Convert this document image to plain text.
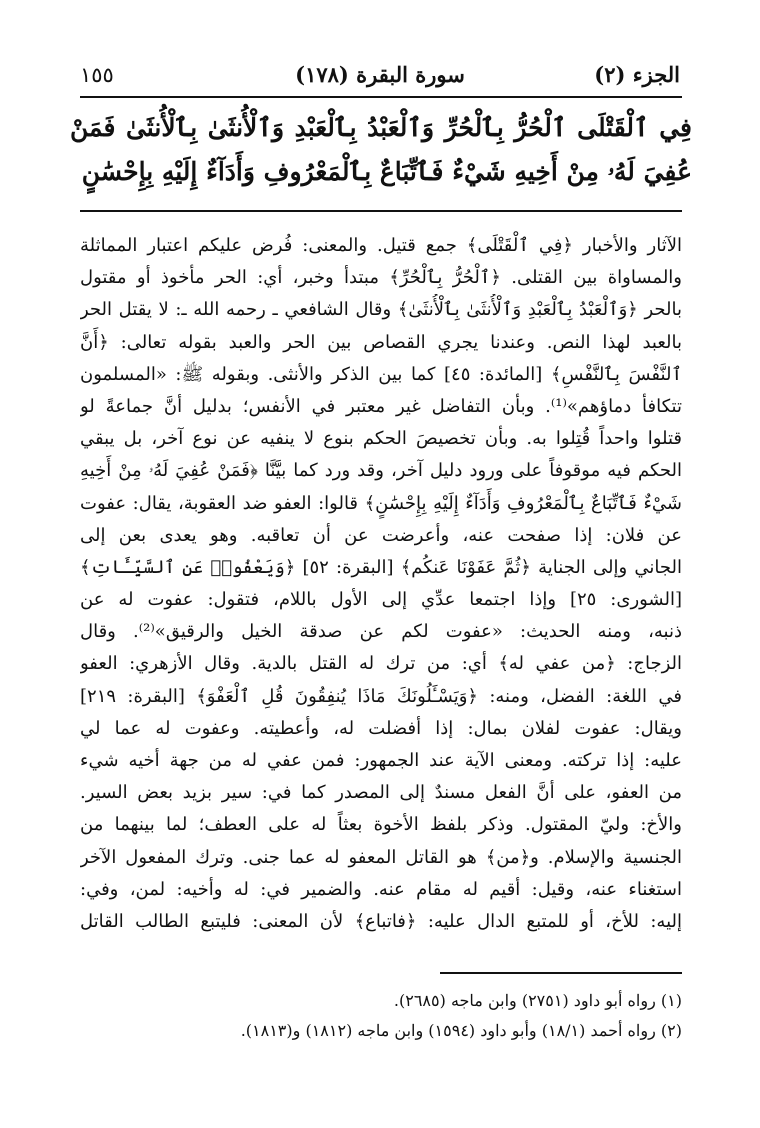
الجزء (٢)
سورة البقرة (١٧٨)
١٥٥
فِي ٱلْقَتْلَى ٱلْحُرُّ بِٱلْحُرِّ وَٱلْعَبْدُ بِٱلْعَبْدِ وَٱلْأُنثَىٰ بِٱلْأُنثَىٰ فَمَنْ عُفِيَ لَهُۥ مِنْ أَخِيهِ شَيْءٌ فَٱتِّبَاعٌ بِٱلْمَعْرُوفِ وَأَدَآءٌ إِلَيْهِ بِإِحْسَٰنٍ
الآثار والأخبار ﴿فِي ٱلْقَتْلَى﴾ جمع قتيل. والمعنى: فُرض عليكم اعتبار المماثلة
والمساواة بين القتلى. ﴿ٱلْحُرُّ بِٱلْحُرِّ﴾ مبتدأ وخبر، أي: الحر مأخوذ أو مقتول
بالحر ﴿وَٱلْعَبْدُ بِٱلْعَبْدِ وَٱلْأُنثَىٰ بِٱلْأُنثَىٰ﴾ وقال الشافعي ـ رحمه الله ـ: لا يقتل الحر
بالعبد لهذا النص. وعندنا يجري القصاص بين الحر والعبد بقوله تعالى: ﴿أَنَّ
ٱلنَّفْسَ بِٱلنَّفْسِ﴾ [المائدة: ٤٥] كما بين الذكر والأنثى. وبقوله ﷺ: «المسلمون
تتكافأ دماؤهم»⁽¹⁾. وبأن التفاضل غير معتبر في الأنفس؛ بدليل أنَّ جماعةً لو
قتلوا واحداً قُتِلوا به. وبأن تخصيصَ الحكم بنوع لا ينفيه عن نوع آخر، بل يبقي
الحكم فيه موقوفاً على ورود دليل آخر، وقد ورد كما بيَّنَّا ﴿فَمَنْ عُفِيَ لَهُۥ مِنْ أَخِيهِ
شَيْءٌ فَٱتِّبَاعٌ بِٱلْمَعْرُوفِ وَأَدَآءٌ إِلَيْهِ بِإِحْسَٰنٍ﴾ قالوا: العفو ضد العقوبة، يقال: عفوت
عن فلان: إذا صفحت عنه، وأعرضت عن أن تعاقبه. وهو يعدى بعن إلى
الجاني وإلى الجناية ﴿ثُمَّ عَفَوْنَا عَنكُم﴾ [البقرة: ٥٢] ﴿وَيَعْفُوا۟ عَنِ ٱلسَّيِّـَٔاتِ﴾
[الشورى: ٢٥] وإذا اجتمعا عدِّي إلى الأول باللام، فتقول: عفوت له عن
ذنبه، ومنه الحديث: «عفوت لكم عن صدقة الخيل والرقيق»⁽²⁾. وقال
الزجاج: ﴿من عفي له﴾ أي: من ترك له القتل بالدية. وقال الأزهري: العفو
في اللغة: الفضل، ومنه: ﴿وَيَسْـَٔلُونَكَ مَاذَا يُنفِقُونَ قُلِ ٱلْعَفْوَ﴾ [البقرة: ٢١٩]
ويقال: عفوت لفلان بمال: إذا أفضلت له، وأعطيته. وعفوت له عما لي
عليه: إذا تركته. ومعنى الآية عند الجمهور: فمن عفي له من جهة أخيه شيء
من العفو، على أنَّ الفعل مسندٌ إلى المصدر كما في: سير بزيد بعض السير.
والأخ: وليّ المقتول. وذكر بلفظ الأخوة بعثاً له على العطف؛ لما بينهما من
الجنسية والإسلام. و﴿من﴾ هو القاتل المعفو له عما جنى. وترك المفعول الآخر
استغناء عنه، وقيل: أقيم له مقام عنه. والضمير في: له وأخيه: لمن، وفي:
إليه: للأخ، أو للمتبع الدال عليه: ﴿فاتباع﴾ لأن المعنى: فليتبع الطالب القاتل
(١) رواه أبو داود (٢٧٥١) وابن ماجه (٢٦٨٥).
(٢) رواه أحمد (١٨/١) وأبو داود (١٥٩٤) وابن ماجه (١٨١٢) و(١٨١٣).
